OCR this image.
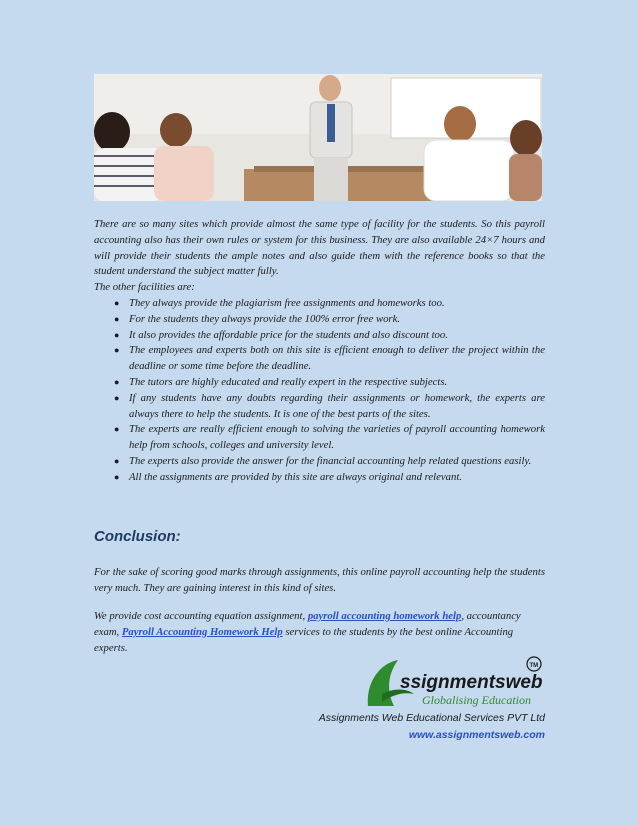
There are so many sites which provide almost the same type of facility for the students. So this payroll accounting also has their own rules or system for this business. They are also available 24×7 hours and will provide their students the ample notes and also guide them with the reference books so that the student understand the subject matter fully.

The other facilities are:

● They always provide the plagiarism free assignments and homeworks too.
● For the students they always provide the 100% error free work.
● It also provides the affordable price for the students and also discount too.
● The employees and experts both on this site is efficient enough to deliver the project within the deadline or some time before the deadline.
● The tutors are highly educated and really expert in the respective subjects.
● If any students have any doubts regarding their assignments or homework, the experts are always there to help the students. It is one of the best parts of the sites.
● The experts are really efficient enough to solving the varieties of payroll accounting homework help from schools, colleges and university level.
● The experts also provide the answer for the financial accounting help related questions easily.
● All the assignments are provided by this site are always original and relevant.
Conclusion:

For the sake of scoring good marks through assignments, this online payroll accounting help the students very much. They are gaining interest in this kind of sites.

We provide cost accounting equation assignment, payroll accounting homework help, accountancy exam, Payroll Accounting Homework Help services to the students by the best online Accounting experts.

ssignmentsweb
TM
Globalising Education
Assignments Web Educational Services PVT Ltd
www.assignmentsweb.com
